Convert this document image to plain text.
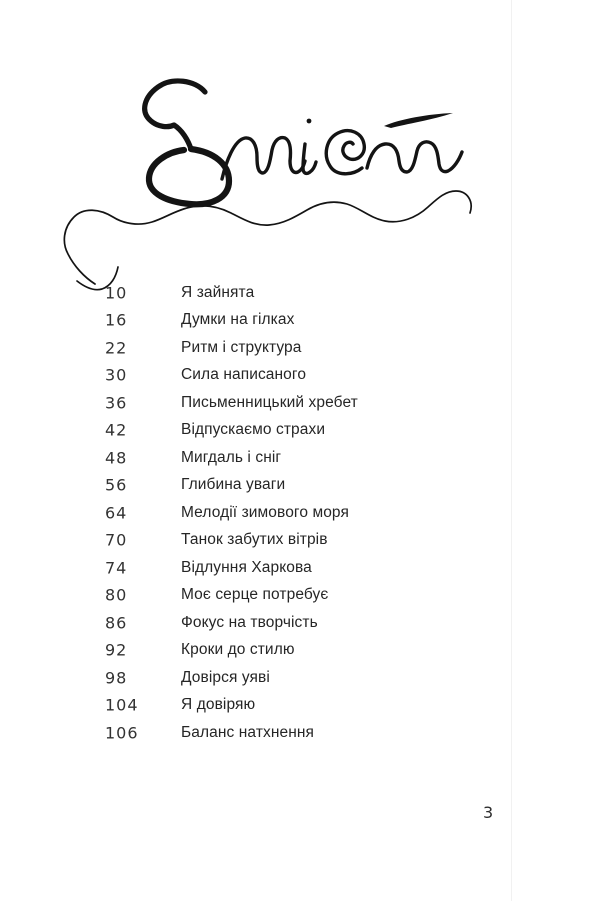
10	Я зайнята
16	Думки на гілках
22	Ритм і структура
30	Сила написаного
36	Письменницький хребет
42	Відпускаємо страхи
48	Мигдаль і сніг
56	Глибина уваги
64	Мелодії зимового моря
70	Танок забутих вітрів
74	Відлуння Харкова
80	Моє серце потребує
86	Фокус на творчість
92	Кроки до стилю
98	Довірся уяві
104	Я довіряю
106	Баланс натхнення
3
